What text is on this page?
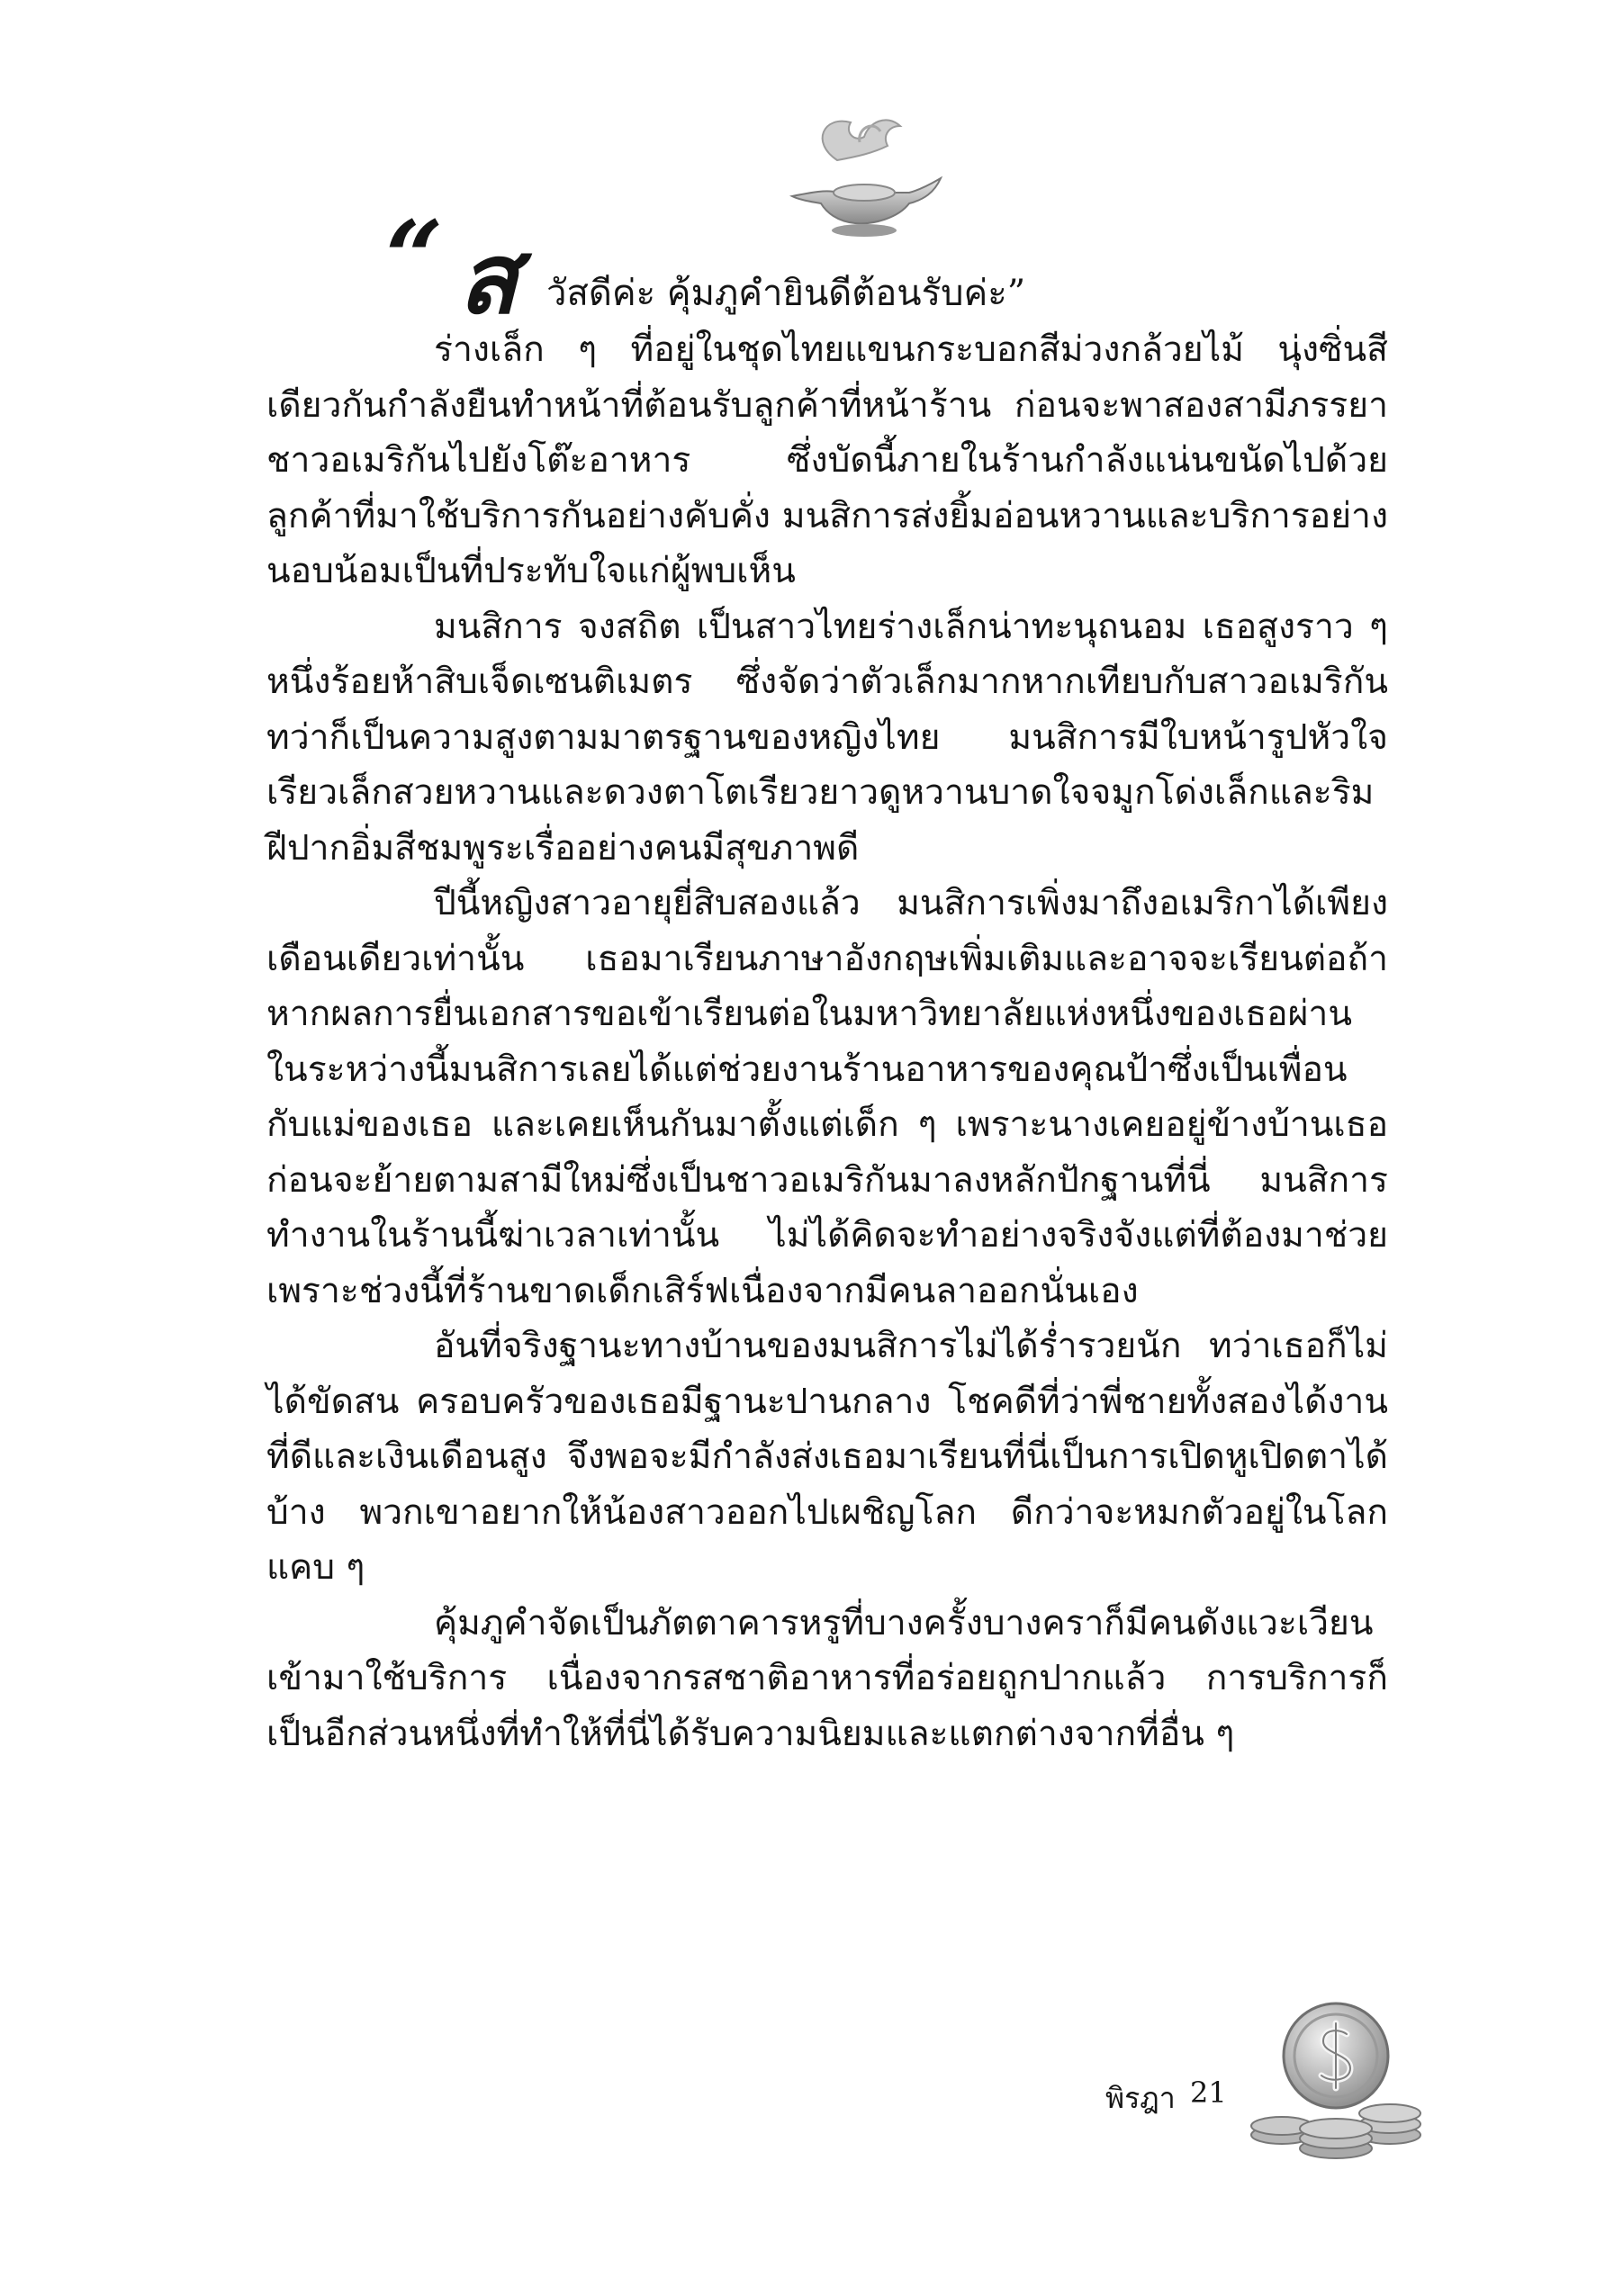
“ ส วัสดีค่ะ คุ้มภูคำยินดีต้อนรับค่ะ”

ร่างเล็ก ๆ ที่อยู่ในชุดไทยแขนกระบอกสีม่วงกล้วยไม้ นุ่งซิ่นสีเดียวกันกำลังยืนทำหน้าที่ต้อนรับลูกค้าที่หน้าร้าน ก่อนจะพาสองสามีภรรยาชาวอเมริกันไปยังโต๊ะอาหาร ซึ่งบัดนี้ภายในร้านกำลังแน่นขนัดไปด้วยลูกค้าที่มาใช้บริการกันอย่างคับคั่ง มนสิการส่งยิ้มอ่อนหวานและบริการอย่างนอบน้อมเป็นที่ประทับใจแก่ผู้พบเห็น

มนสิการ จงสถิต เป็นสาวไทยร่างเล็กน่าทะนุถนอม เธอสูงราว ๆ หนึ่งร้อยห้าสิบเจ็ดเซนติเมตร ซึ่งจัดว่าตัวเล็กมากหากเทียบกับสาวอเมริกัน ทว่าก็เป็นความสูงตามมาตรฐานของหญิงไทย มนสิการมีใบหน้ารูปหัวใจเรียวเล็กสวยหวานและดวงตาโตเรียวยาวดูหวานบาดใจจมูกโด่งเล็กและริมฝีปากอิ่มสีชมพูระเรื่ออย่างคนมีสุขภาพดี

ปีนี้หญิงสาวอายุยี่สิบสองแล้ว มนสิการเพิ่งมาถึงอเมริกาได้เพียงเดือนเดียวเท่านั้น เธอมาเรียนภาษาอังกฤษเพิ่มเติมและอาจจะเรียนต่อถ้าหากผลการยื่นเอกสารขอเข้าเรียนต่อในมหาวิทยาลัยแห่งหนึ่งของเธอผ่าน ในระหว่างนี้มนสิการเลยได้แต่ช่วยงานร้านอาหารของคุณป้าซึ่งเป็นเพื่อนกับแม่ของเธอ และเคยเห็นกันมาตั้งแต่เด็ก ๆ เพราะนางเคยอยู่ข้างบ้านเธอก่อนจะย้ายตามสามีใหม่ซึ่งเป็นชาวอเมริกันมาลงหลักปักฐานที่นี่ มนสิการทำงานในร้านนี้ฆ่าเวลาเท่านั้น ไม่ได้คิดจะทำอย่างจริงจังแต่ที่ต้องมาช่วยเพราะช่วงนี้ที่ร้านขาดเด็กเสิร์ฟเนื่องจากมีคนลาออกนั่นเอง

อันที่จริงฐานะทางบ้านของมนสิการไม่ได้ร่ำรวยนัก ทว่าเธอก็ไม่ได้ขัดสน ครอบครัวของเธอมีฐานะปานกลาง โชคดีที่ว่าพี่ชายทั้งสองได้งานที่ดีและเงินเดือนสูง จึงพอจะมีกำลังส่งเธอมาเรียนที่นี่เป็นการเปิดหูเปิดตาได้บ้าง พวกเขาอยากให้น้องสาวออกไปเผชิญโลก ดีกว่าจะหมกตัวอยู่ในโลกแคบ ๆ

คุ้มภูคำจัดเป็นภัตตาคารหรูที่บางครั้งบางคราก็มีคนดังแวะเวียนเข้ามาใช้บริการ เนื่องจากรสชาติอาหารที่อร่อยถูกปากแล้ว การบริการก็เป็นอีกส่วนหนึ่งที่ทำให้ที่นี่ได้รับความนิยมและแตกต่างจากที่อื่น ๆ

พิรฎา 21
